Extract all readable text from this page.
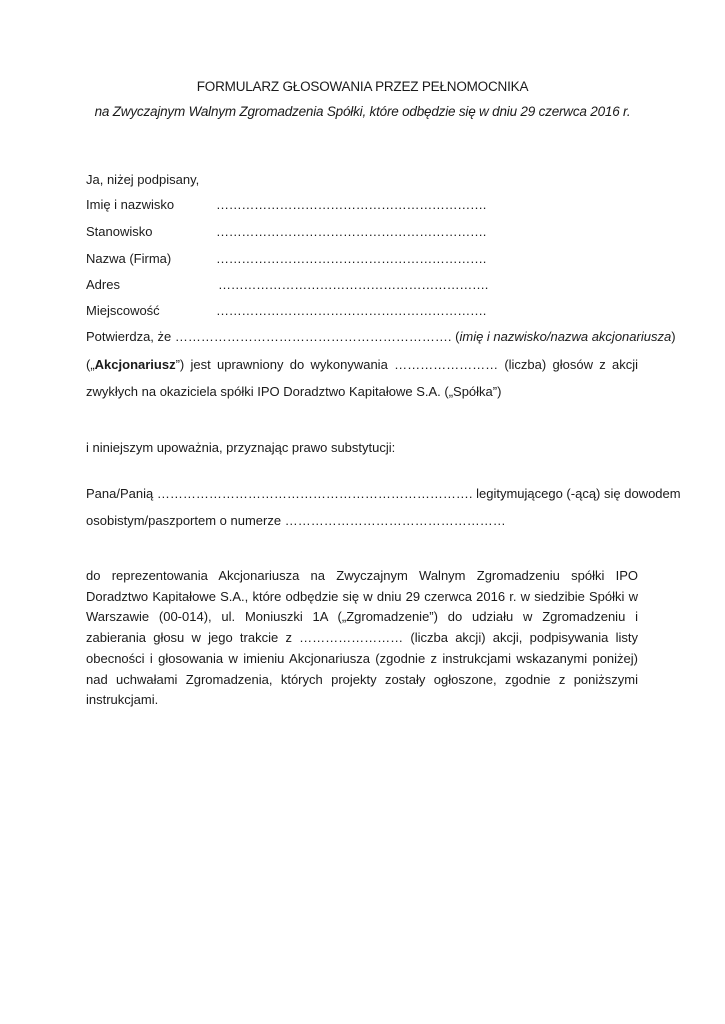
FORMULARZ GŁOSOWANIA PRZEZ PEŁNOMOCNIKA
na Zwyczajnym Walnym Zgromadzenia Spółki, które odbędzie się w dniu 29 czerwca 2016 r.
Ja, niżej podpisany,
Imię i nazwisko	……………………………………………………….
Stanowisko	……………………………………………………….
Nazwa (Firma)	……………………………………………………….
Adres	……………………………………………………….
Miejscowość	……………………………………………………….
Potwierdza, że ………………………………………………………. (imię i nazwisko/nazwa akcjonariusza)
(„Akcjonariusz”) jest uprawniony do wykonywania …………………… (liczba) głosów z akcji
zwykłych na okaziciela spółki IPO Doradztwo Kapitałowe S.A. („Spółka”)
i niniejszym upoważnia, przyznając prawo substytucji:
Pana/Panią ………………………………………………………………. legitymującego (-ącą) się dowodem
osobistym/paszportem o numerze ……………………………………………
do reprezentowania Akcjonariusza na Zwyczajnym Walnym Zgromadzeniu spółki IPO Doradztwo Kapitałowe S.A., które odbędzie się w dniu 29 czerwca 2016 r. w siedzibie Spółki w Warszawie (00-014), ul. Moniuszki 1A („Zgromadzenie”) do udziału w Zgromadzeniu i zabierania głosu w jego trakcie z …………………… (liczba akcji) akcji, podpisywania listy obecności i głosowania w imieniu Akcjonariusza (zgodnie z instrukcjami wskazanymi poniżej) nad uchwałami Zgromadzenia, których projekty zostały ogłoszone, zgodnie z poniższymi instrukcjami.
